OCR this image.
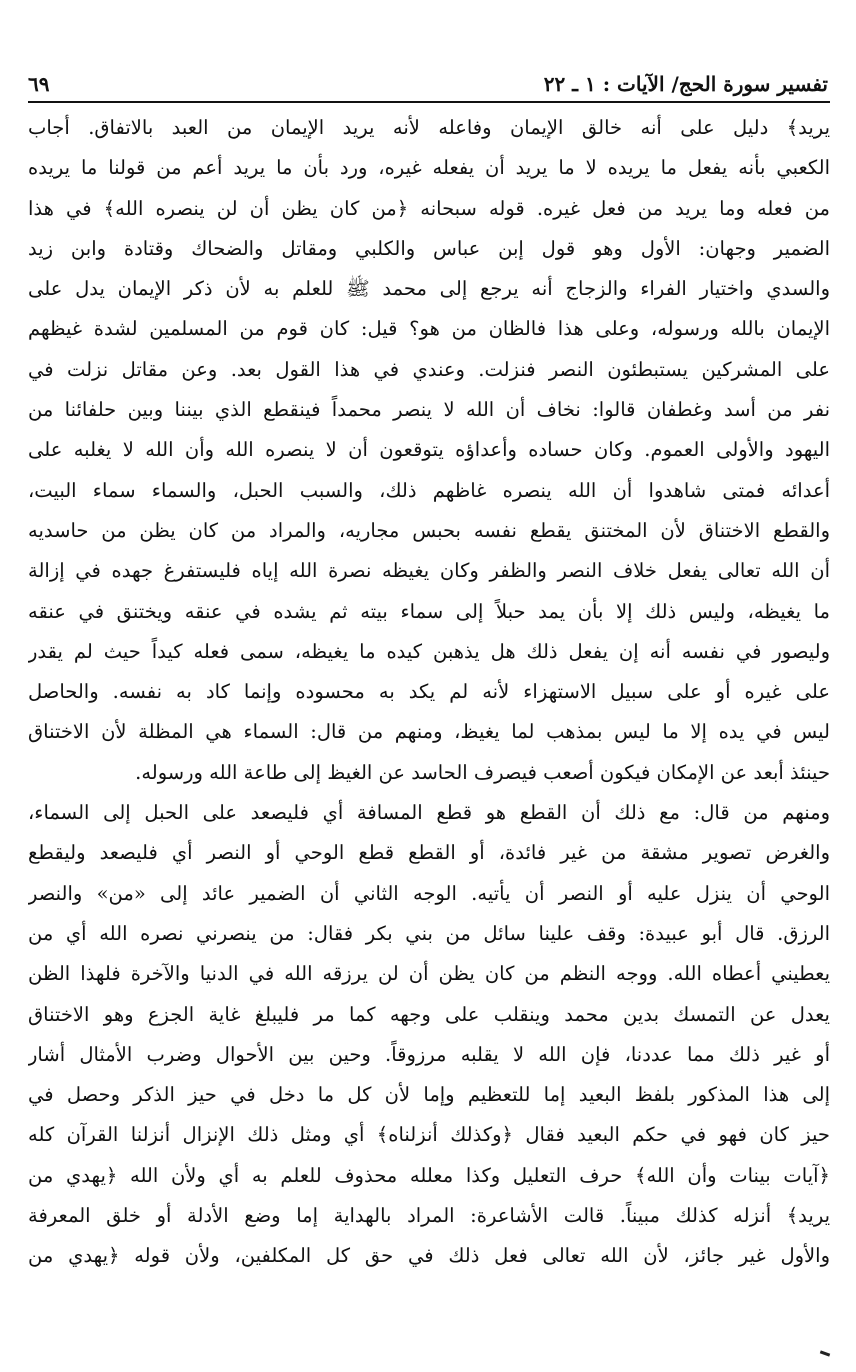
تفسير سورة الحج/ الآيات : ١ ـ ٢٢
٦٩
يريد﴾ دليل على أنه خالق الإيمان وفاعله لأنه يريد الإيمان من العبد بالاتفاق. أجاب
الكعبي بأنه يفعل ما يريده لا ما يريد أن يفعله غيره، ورد بأن ما يريد أعم من قولنا ما يريده
من فعله وما يريد من فعل غيره. قوله سبحانه ﴿من كان يظن أن لن ينصره الله﴾ في هذا
الضمير وجهان: الأول وهو قول إبن عباس والكلبي ومقاتل والضحاك وقتادة وابن زيد
والسدي واختيار الفراء والزجاج أنه يرجع إلى محمد ﷺ للعلم به لأن ذكر الإيمان يدل على
الإيمان بالله ورسوله، وعلى هذا فالظان من هو؟ قيل: كان قوم من المسلمين لشدة غيظهم
على المشركين يستبطئون النصر فنزلت. وعندي في هذا القول بعد. وعن مقاتل نزلت في
نفر من أسد وغطفان قالوا: نخاف أن الله لا ينصر محمداً فينقطع الذي بيننا وبين حلفائنا من
اليهود والأولى العموم. وكان حساده وأعداؤه يتوقعون أن لا ينصره الله وأن الله لا يغلبه على
أعدائه فمتى شاهدوا أن الله ينصره غاظهم ذلك، والسبب الحبل، والسماء سماء البيت،
والقطع الاختناق لأن المختنق يقطع نفسه بحبس مجاريه، والمراد من كان يظن من حاسديه
أن الله تعالى يفعل خلاف النصر والظفر وكان يغيظه نصرة الله إياه فليستفرغ جهده في إزالة
ما يغيظه، وليس ذلك إلا بأن يمد حبلاً إلى سماء بيته ثم يشده في عنقه ويختنق في عنقه
وليصور في نفسه أنه إن يفعل ذلك هل يذهبن كيده ما يغيظه، سمى فعله كيداً حيث لم يقدر
على غيره أو على سبيل الاستهزاء لأنه لم يكد به محسوده وإنما كاد به نفسه. والحاصل
ليس في يده إلا ما ليس بمذهب لما يغيظ، ومنهم من قال: السماء هي المظلة لأن الاختناق
حينئذ أبعد عن الإمكان فيكون أصعب فيصرف الحاسد عن الغيظ إلى طاعة الله ورسوله.
ومنهم من قال: مع ذلك أن القطع هو قطع المسافة أي فليصعد على الحبل إلى السماء،
والغرض تصوير مشقة من غير فائدة، أو القطع قطع الوحي أو النصر أي فليصعد وليقطع
الوحي أن ينزل عليه أو النصر أن يأتيه. الوجه الثاني أن الضمير عائد إلى «من» والنصر
الرزق. قال أبو عبيدة: وقف علينا سائل من بني بكر فقال: من ينصرني نصره الله أي من
يعطيني أعطاه الله. ووجه النظم من كان يظن أن لن يرزقه الله في الدنيا والآخرة فلهذا الظن
يعدل عن التمسك بدين محمد وينقلب على وجهه كما مر فليبلغ غاية الجزع وهو الاختناق
أو غير ذلك مما عددنا، فإن الله لا يقلبه مرزوقاً. وحين بين الأحوال وضرب الأمثال أشار
إلى هذا المذكور بلفظ البعيد إما للتعظيم وإما لأن كل ما دخل في حيز الذكر وحصل في
حيز كان فهو في حكم البعيد فقال ﴿وكذلك أنزلناه﴾ أي ومثل ذلك الإنزال أنزلنا القرآن كله
﴿آيات بينات وأن الله﴾ حرف التعليل وكذا معلله محذوف للعلم به أي ولأن الله ﴿يهدي من
يريد﴾ أنزله كذلك مبيناً. قالت الأشاعرة: المراد بالهداية إما وضع الأدلة أو خلق المعرفة
والأول غير جائز، لأن الله تعالى فعل ذلك في حق كل المكلفين، ولأن قوله ﴿يهدي من
